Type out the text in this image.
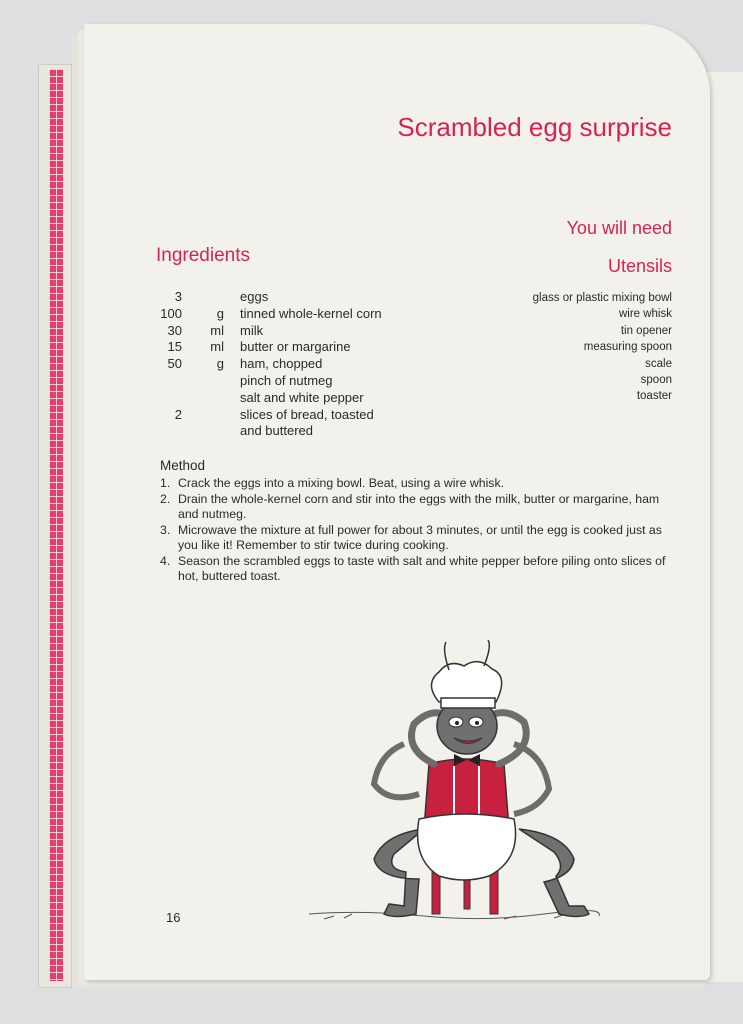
Scrambled egg surprise
You will need
Ingredients	Utensils
3		eggs
100	g	tinned whole-kernel corn
30	ml	milk
15	ml	butter or margarine
50	g	ham, chopped
		pinch of nutmeg
		salt and white pepper
2		slices of bread, toasted
		and buttered
glass or plastic mixing bowl
wire whisk
tin opener
measuring spoon
scale
spoon
toaster
Method
1. Crack the eggs into a mixing bowl. Beat, using a wire whisk.
2. Drain the whole-kernel corn and stir into the eggs with the milk, butter or margarine, ham and nutmeg.
3. Microwave the mixture at full power for about 3 minutes, or until the egg is cooked just as you like it! Remember to stir twice during cooking.
4. Season the scrambled eggs to taste with salt and white pepper before piling onto slices of hot, buttered toast.
16
